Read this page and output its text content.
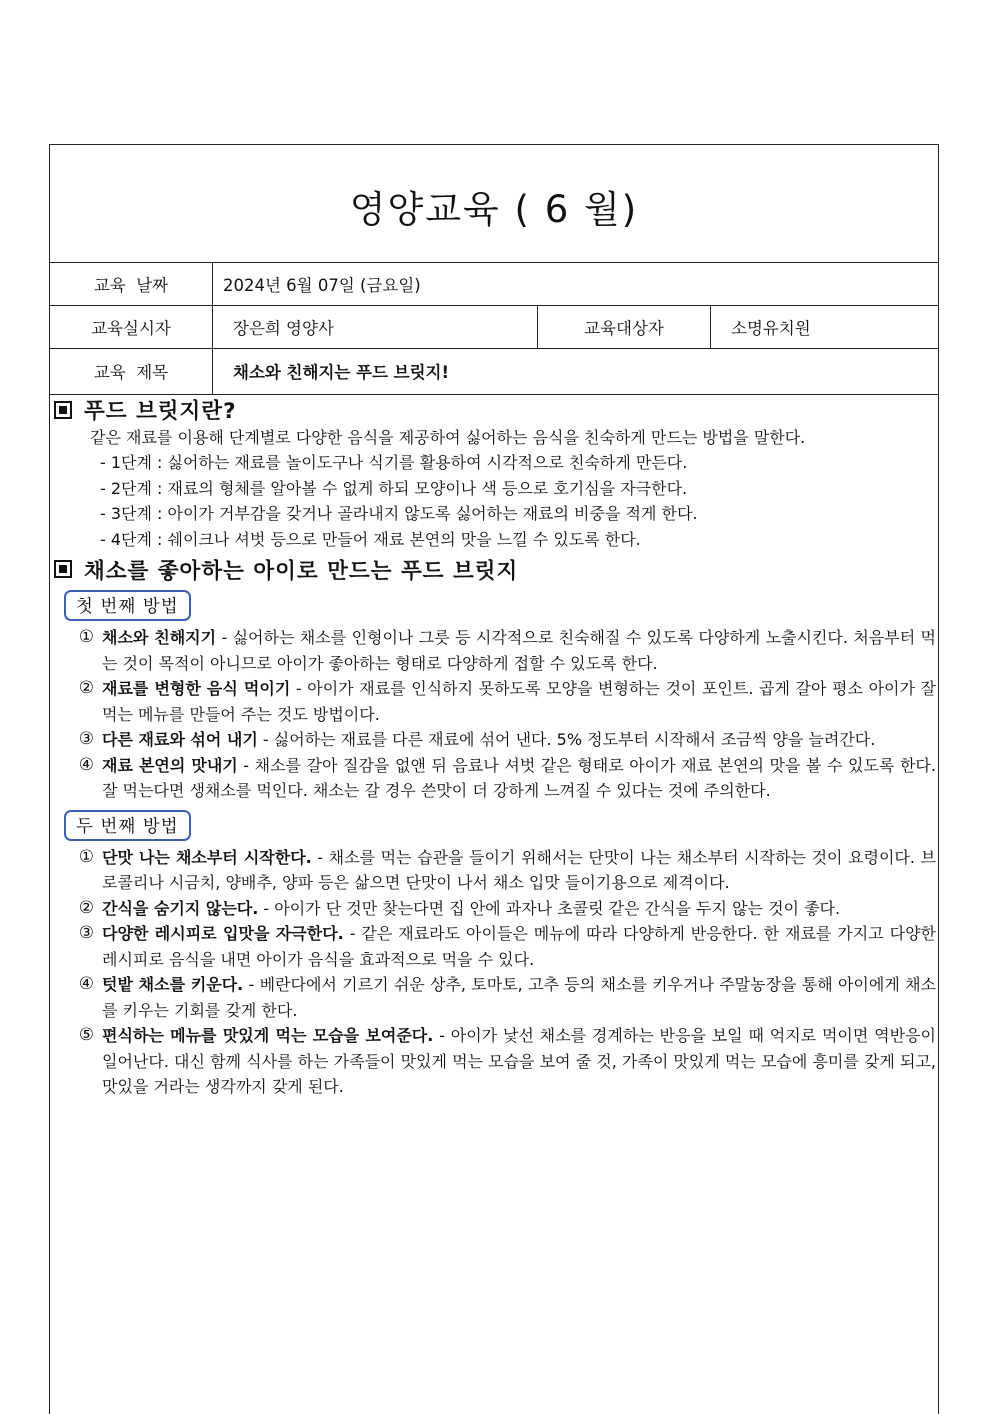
영양교육 ( 6 월)
교육  날짜	2024년 6월 07일 (금요일)		
교육실시자	장은희 영양사	교육대상자	소명유치원
교육  제목	채소와 친해지는 푸드 브릿지!		
푸드 브릿지란?

같은 재료를 이용해 단계별로 다양한 음식을 제공하여 싫어하는 음식을 친숙하게 만드는 방법을 말한다.

- 1단계 : 싫어하는 재료를 놀이도구나 식기를 활용하여 시각적으로 친숙하게 만든다.
- 2단계 : 재료의 형체를 알아볼 수 없게 하되 모양이나 색 등으로 호기심을 자극한다.
- 3단계 : 아이가 거부감을 갖거나 골라내지 않도록 싫어하는 재료의 비중을 적게 한다.
- 4단계 : 쉐이크나 셔벗 등으로 만들어 재료 본연의 맛을 느낄 수 있도록 한다.
채소를 좋아하는 아이로 만드는 푸드 브릿지
첫 번째 방법
① 채소와 친해지기 - 싫어하는 채소를 인형이나 그릇 등 시각적으로 친숙해질 수 있도록 다양하게 노출시킨다. 처음부터 먹는 것이 목적이 아니므로 아이가 좋아하는 형태로 다양하게 접할 수 있도록 한다.
② 재료를 변형한 음식 먹이기 - 아이가 재료를 인식하지 못하도록 모양을 변형하는 것이 포인트. 곱게 갈아 평소 아이가 잘 먹는 메뉴를 만들어 주는 것도 방법이다.
③ 다른 재료와 섞어 내기 - 싫어하는 재료를 다른 재료에 섞어 낸다. 5% 정도부터 시작해서 조금씩 양을 늘려간다.
④ 재료 본연의 맛내기 - 채소를 갈아 질감을 없앤 뒤 음료나 셔벗 같은 형태로 아이가 재료 본연의 맛을 볼 수 있도록 한다. 잘 먹는다면 생채소를 먹인다. 채소는 갈 경우 쓴맛이 더 강하게 느껴질 수 있다는 것에 주의한다.
두 번째 방법
① 단맛 나는 채소부터 시작한다. - 채소를 먹는 습관을 들이기 위해서는 단맛이 나는 채소부터 시작하는 것이 요령이다. 브로콜리나 시금치, 양배추, 양파 등은 삶으면 단맛이 나서 채소 입맛 들이기용으로 제격이다.
② 간식을 숨기지 않는다. - 아이가 단 것만 찾는다면 집 안에 과자나 초콜릿 같은 간식을 두지 않는 것이 좋다.
③ 다양한 레시피로 입맛을 자극한다. - 같은 재료라도 아이들은 메뉴에 따라 다양하게 반응한다. 한 재료를 가지고 다양한 레시피로 음식을 내면 아이가 음식을 효과적으로 먹을 수 있다.
④ 텃밭 채소를 키운다. - 베란다에서 기르기 쉬운 상추, 토마토, 고추 등의 채소를 키우거나 주말농장을 통해 아이에게 채소를 키우는 기회를 갖게 한다.
⑤ 편식하는 메뉴를 맛있게 먹는 모습을 보여준다. - 아이가 낯선 채소를 경계하는 반응을 보일 때 억지로 먹이면 역반응이 일어난다. 대신 함께 식사를 하는 가족들이 맛있게 먹는 모습을 보여 줄 것, 가족이 맛있게 먹는 모습에 흥미를 갖게 되고, 맛있을 거라는 생각까지 갖게 된다.
